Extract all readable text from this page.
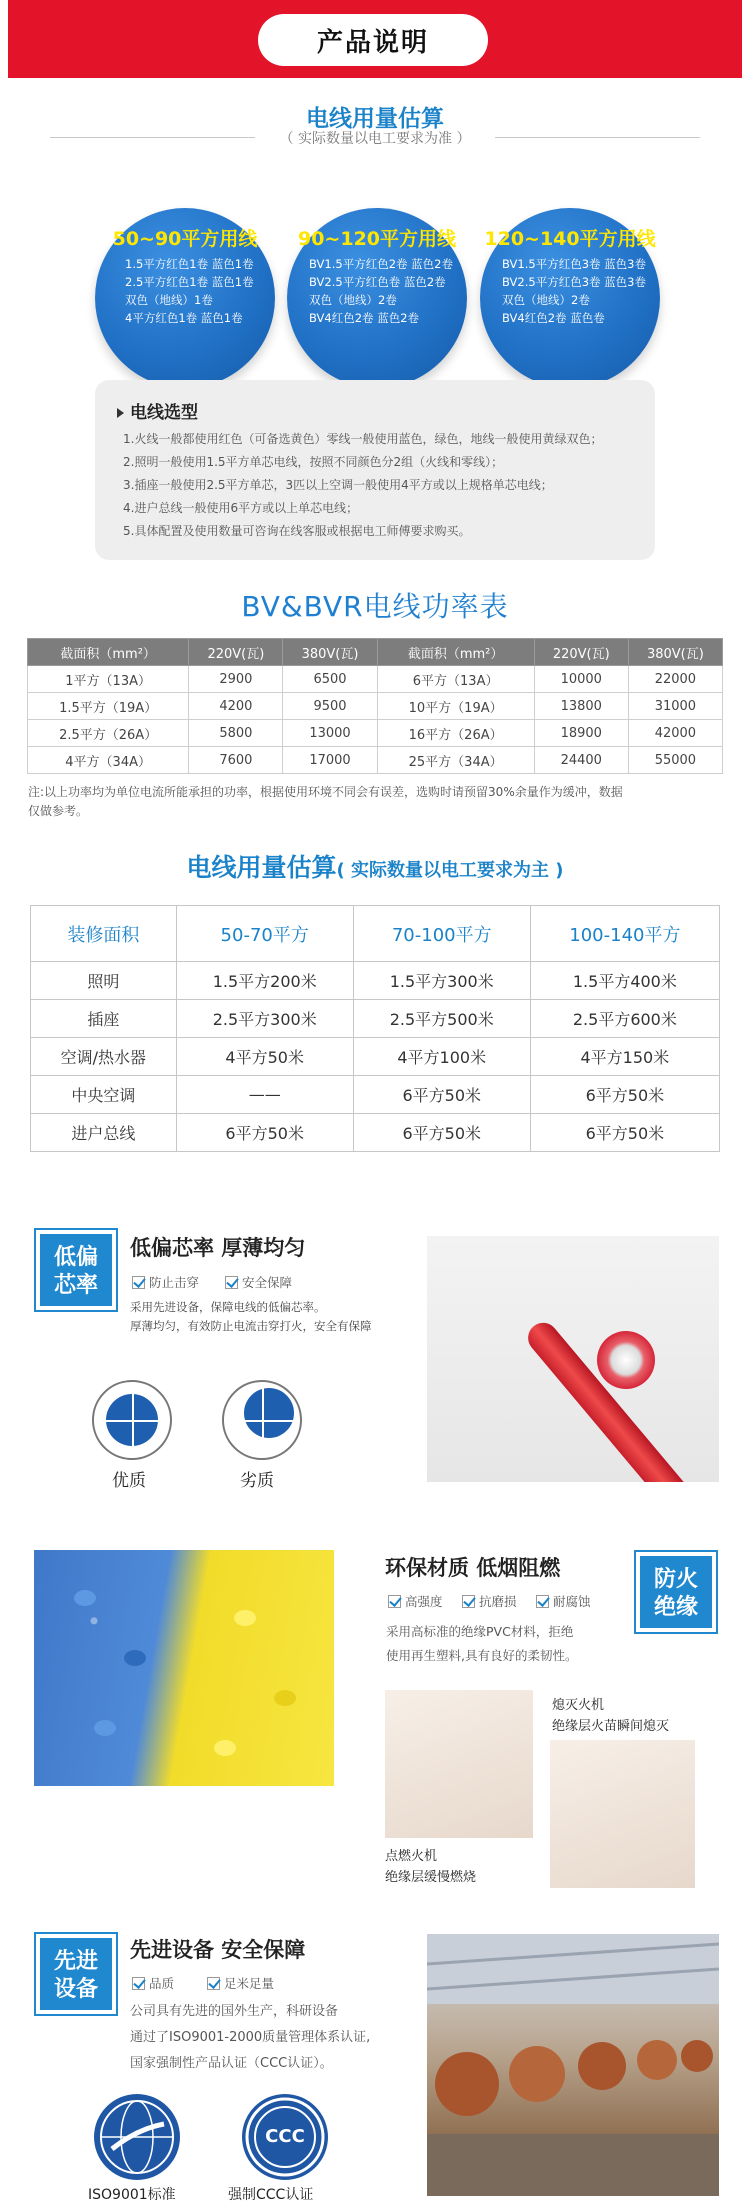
产品说明
电线用量估算
（ 实际数量以电工要求为准 ）
50~90平方用线
1.5平方红色1卷 蓝色1卷
2.5平方红色1卷 蓝色1卷
双色（地线）1卷
4平方红色1卷 蓝色1卷
90~120平方用线
BV1.5平方红色2卷 蓝色2卷
BV2.5平方红色卷 蓝色2卷
双色（地线）2卷
BV4红色2卷 蓝色2卷
120~140平方用线
BV1.5平方红色3卷 蓝色3卷
BV2.5平方红色3卷 蓝色3卷
双色（地线）2卷
BV4红色2卷 蓝色卷
电线选型
1.火线一般都使用红色（可备选黄色）零线一般使用蓝色，绿色，地线一般使用黄绿双色；
2.照明一般使用1.5平方单芯电线，按照不同颜色分2组（火线和零线）；
3.插座一般使用2.5平方单芯，3匹以上空调一般使用4平方或以上规格单芯电线；
4.进户总线一般使用6平方或以上单芯电线；
5.具体配置及使用数量可咨询在线客服或根据电工师傅要求购买。
BV&BVR电线功率表
截面积（mm²）	220V(瓦)	380V(瓦)	截面积（mm²）	220V(瓦)	380V(瓦)
1平方（13A）	2900	6500	6平方（13A）	10000	22000
1.5平方（19A）	4200	9500	10平方（19A）	13800	31000
2.5平方（26A）	5800	13000	16平方（26A）	18900	42000
4平方（34A）	7600	17000	25平方（34A）	24400	55000
注:以上功率均为单位电流所能承担的功率，根据使用环境不同会有误差，选购时请预留30%余量作为缓冲，数据
仅做参考。
电线用量估算( 实际数量以电工要求为主 )
装修面积	50-70平方	70-100平方	100-140平方
照明	1.5平方200米	1.5平方300米	1.5平方400米
插座	2.5平方300米	2.5平方500米	2.5平方600米
空调/热水器	4平方50米	4平方100米	4平方150米
中央空调	——	6平方50米	6平方50米
进户总线	6平方50米	6平方50米	6平方50米
低偏
芯率
低偏芯率 厚薄均匀
防止击穿	安全保障
采用先进设备，保障电线的低偏芯率。
厚薄均匀，有效防止电流击穿打火，安全有保障
优质	劣质
环保材质 低烟阻燃	防火
绝缘
高强度	抗磨损	耐腐蚀
采用高标准的绝缘PVC材料，拒绝
使用再生塑料,具有良好的柔韧性。
熄灭火机
绝缘层火苗瞬间熄灭
点燃火机
绝缘层缓慢燃烧
先进
设备
先进设备 安全保障
品质	足米足量
公司具有先进的国外生产，科研设备
通过了ISO9001-2000质量管理体系认证,
国家强制性产品认证（CCC认证）。
ISO9001标准
CCC
强制CCC认证
